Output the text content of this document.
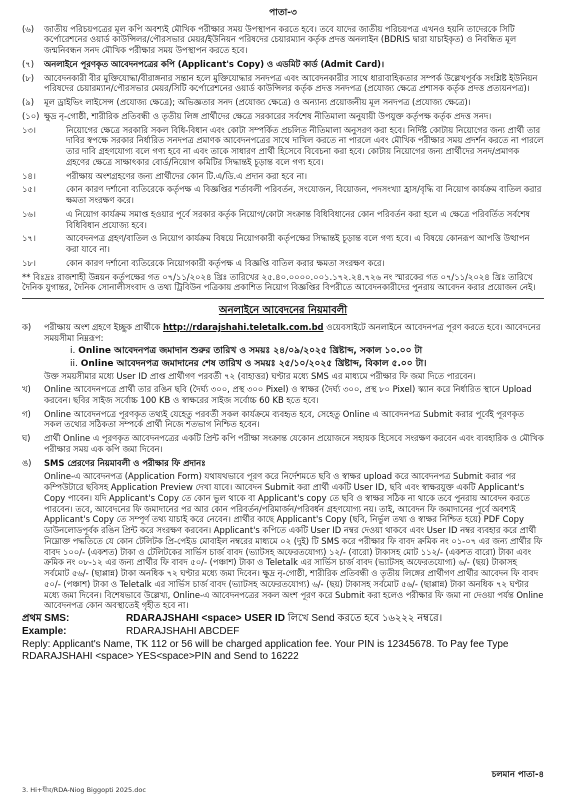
পাতা-৩
(৬)	জাতীয় পরিচয়পত্রের মূল কপি অবশ্যই মৌখিক পরীক্ষার সময় উপস্থাপন করতে হবে। তবে যাদের জাতীয় পরিচয়পত্র এখনও হয়নি তাদেরকে সিটি কর্পোরেশনের ওয়ার্ড কাউন্সিলর/পৌরসভার মেয়র/ইউনিয়ন পরিষদের চেয়ারম্যান কর্তৃক প্রদত্ত অনলাইন (BDRIS দ্বারা যাচাইকৃত) ও নিবন্ধিত মূল জন্মনিবন্ধন সনদ মৌখিক পরীক্ষার সময় উপস্থাপন করতে হবে।
(৭)	অনলাইনে পূরণকৃত আবেদনপত্রের কপি (Applicant's Copy) ও এডমিট কার্ড (Admit Card)।
(৮)	আবেদনকারী বীর মুক্তিযোদ্ধা/বীরাঙ্গনার সন্তান হলে মুক্তিযোদ্ধার সনদপত্র এবং আবেদনকারীর সাথে ধারাবাহিকতার সম্পর্ক উল্লেখপূর্বক সংশ্লিষ্ট ইউনিয়ন পরিষদের চেয়ারম্যান/পৌরসভার মেয়র/সিটি কর্পোরেশনের ওয়ার্ড কাউন্সিলর কর্তৃক প্রদত্ত সনদপত্র (প্রযোজ্য ক্ষেত্রে প্রশাসক কর্তৃক প্রদত্ত প্রত্যয়নপত্র)।
(৯)	মূল ড্রাইভিং লাইসেন্স (প্রযোজ্য ক্ষেত্রে); অভিজ্ঞতার সনদ (প্রযোজ্য ক্ষেত্রে) ও অন্যান্য প্রয়োজনীয় মূল সনদপত্র (প্রযোজ্য ক্ষেত্রে)।
(১০) ক্ষুদ্র নৃ-গোষ্ঠী, শারীরিক প্রতিবন্ধী ও তৃতীয় লিঙ্গ প্রার্থীদের ক্ষেত্রে সরকারের সর্বশেষ নীতিমালা অনুযায়ী উপযুক্ত কর্তৃপক্ষ কর্তৃক প্রদত্ত সনদ।
১৩।	নিয়োগের ক্ষেত্রে সরকারি সকল বিধি-বিধান এবং কোটা সম্পর্কিত প্রচলিত নীতিমালা অনুসরণ করা হবে। নির্দিষ্ট কোটায় নিয়োগের জন্য প্রার্থী তার দাবির স্বপক্ষে সরকার নির্ধারিত সনদপত্র প্রমাণক আবেদনপত্রের সাথে দাখিল করতে না পারলে এবং মৌখিক পরীক্ষার সময় প্রদর্শন করতে না পারলে তার দাবি গ্রহণযোগ্য বলে গণ্য হবে না এবং তাকে সাধারণ প্রার্থী হিসেবে বিবেচনা করা হবে। কোটায় নিয়োগের জন্য প্রার্থীদের সনদ/প্রমাণক গ্রহণের ক্ষেত্রে সাক্ষাৎকার বোর্ড/নিয়োগ কমিটির সিদ্ধান্তই চূড়ান্ত বলে গণ্য হবে।
১৪।	পরীক্ষায় অংশগ্রহণের জন্য প্রার্থীদের কোন টি.এ/ডি.এ প্রদান করা হবে না।
১৫।	কোন কারণ দর্শানো ব্যতিরেকে কর্তৃপক্ষ এ বিজ্ঞপ্তির শর্তাবলী পরিবর্তন, সংযোজন, বিয়োজন, পদসংখ্যা হ্রাস/বৃদ্ধি বা নিয়োগ কার্যক্রম বাতিল করার ক্ষমতা সংরক্ষণ করে।
১৬।	এ নিয়োগ কার্যক্রম সমাপ্ত হওয়ার পূর্বে সরকার কর্তৃক নিয়োগ/কোটা সংক্রান্ত বিধিবিধানের কোন পরিবর্তন করা হলে এ ক্ষেত্রে পরিবর্তিত সর্বশেষ বিধিবিধান প্রযোজ্য হবে।
১৭।	আবেদনপত্র গ্রহণ/বাতিল ও নিয়োগ কার্যক্রম বিষয়ে নিয়োগকারী কর্তৃপক্ষের সিদ্ধান্তই চূড়ান্ত বলে গণ্য হবে। এ বিষয়ে কোনরূপ আপত্তি উত্থাপন করা যাবে না।
১৮।	কোন কারণ দর্শানো ব্যতিরেকে নিয়োগকারী কর্তৃপক্ষ এ বিজ্ঞপ্তি বাতিল করার ক্ষমতা সংরক্ষণ করে।
** বিঃদ্রঃ রাজশাহী উন্নয়ন কর্তৃপক্ষের গত ০৭/১১/২০২৪ খ্রিঃ তারিখের ২৫.৪০.০০০০.০০১.১৭২.২৪.৭২৬ নং স্মারকের গত ০৭/১১/২০২৪ খ্রিঃ তারিখে দৈনিক যুগান্তর, দৈনিক সোনালীসংবাদ ও তথ্য ট্রিবিউন পত্রিকায় প্রকাশিত নিয়োগ বিজ্ঞপ্তির বিপরীতে আবেদনকারীদের পুনরায় আবেদন করার প্রয়োজন নেই।
অনলাইনে আবেদনের নিয়মাবলী
ক)	পরীক্ষায় অংশ গ্রহণে ইচ্ছুক প্রার্থীকে http://rdarajshahi.teletalk.com.bd ওয়েবসাইটে অনলাইনে আবেদনপত্র পূরণ করতে হবে। আবেদনের সময়সীমা নিম্নরূপ:
i. Online আবেদনপত্র জমাদান শুরুর তারিখ ও সময়ঃ ২৪/০৯/২০২৫ খ্রিষ্টাব্দ, সকাল ১০.০০ টা
ii. Online আবেদনপত্র জমাদানের শেষ তারিখ ও সময়ঃ ২৫/১০/২০২৫ খ্রিষ্টাব্দ, বিকাল ৫.০০ টা।
উক্ত সময়সীমার মধ্যে User ID প্রাপ্ত প্রার্থীগণ পরবর্তী ৭২ (বাহাত্তর) ঘণ্টার মধ্যে SMS এর মাধ্যমে পরীক্ষার ফি জমা দিতে পারবেন।
খ)	Online আবেদনপত্রে প্রার্থী তার রঙিন ছবি (দৈর্ঘ্য ৩০০, প্রস্থ ৩০০ Pixel) ও স্বাক্ষর (দৈর্ঘ্য ৩০০, প্রস্থ ৮০ Pixel) স্ক্যান করে নির্ধারিত স্থানে Upload করবেন। ছবির সাইজ সর্বোচ্চ 100 KB ও স্বাক্ষরের সাইজ সর্বোচ্চ 60 KB হতে হবে।
গ)	Online আবেদনপত্রে পূরণকৃত তথ্যই যেহেতু পরবর্তী সকল কার্যক্রমে ব্যবহৃত হবে, সেহেতু Online এ আবেদনপত্র Submit করার পূর্বেই পূরণকৃত সকল তথ্যের সঠিকতা সম্পর্কে প্রার্থী নিজে শতভাগ নিশ্চিত হবেন।
ঘ)	প্রার্থী Online এ পূরণকৃত আবেদনপত্রের একটি প্রিন্ট কপি পরীক্ষা সংক্রান্ত যেকোন প্রয়োজনে সহায়ক হিসেবে সংরক্ষণ করবেন এবং ব্যবহারিক ও মৌখিক পরীক্ষার সময় এক কপি জমা দিবেন।
ঙ)	SMS প্রেরণের নিয়মাবলী ও পরীক্ষার ফি প্রদানঃ
Online-এ আবেদনপত্র (Application Form) যথাযথভাবে পূরণ করে নির্দেশমতে ছবি ও স্বাক্ষর upload করে আবেদনপত্র Submit করার পর কম্পিউটারে ছবিসহ Application Preview দেখা যাবে। আবেদন Submit করা প্রার্থী একটি User ID, ছবি এবং স্বাক্ষরযুক্ত একটি Applicant's Copy পাবেন। যদি Applicant's Copy তে কোন ভুল থাকে বা Applicant's copy তে ছবি ও স্বাক্ষর সঠিক না থাকে তবে পুনরায় আবেদন করতে পারবেন। তবে, আবেদনের ফি জমাদানের পর আর কোন পরিবর্তন/পরিমার্জন/পরিবর্ধন গ্রহণযোগ্য নয়। তাই, আবেদন ফি জমাদানের পূর্বে অবশ্যই Applicant's Copy তে সম্পূর্ণ তথ্য যাচাই করে নেবেন। প্রার্থীর কাছে Applicant's Copy (ছবি, নির্ভুল তথ্য ও স্বাক্ষর নিশ্চিত হয়ে) PDF Copy ডাউনলোডপূর্বক রঙিন প্রিন্ট করে সংরক্ষণ করবেন। Applicant's কপিতে একটি User ID নম্বর দেওয়া থাকবে এবং User ID নম্বর ব্যবহার করে প্রার্থী নিম্নোক্ত পদ্ধতিতে যে কোন টেলিটক প্রি-পেইড মোবাইল নম্বরের মাধ্যমে ০২ (দুই) টি SMS করে পরীক্ষার ফি বাবদ ক্রমিক নং ০১-০৭ এর জন্য প্রার্থীর ফি বাবদ ১০০/- (একশত) টাকা ও টেলিটকের সার্ভিস চার্জ বাবদ (ভ্যাটসহ অফেরতযোগ্য) ১২/- (বারো) টাকাসহ মোট ১১২/- (একশত বারো) টাকা এবং ক্রমিক নং ০৮-১২ এর জন্য প্রার্থীর ফি বাবদ ৫০/- (পঞ্চাশ) টাকা ও Teletalk এর সার্ভিস চার্জ বাবদ (ভ্যাটসহ অফেরতযোগ্য) ৬/- (ছয়) টাকাসহ সর্বমোট ৫৬/- (ছাপ্পান্ন) টাকা অনধিক ৭২ ঘণ্টার মধ্যে জমা দিবেন। ক্ষুদ্র নৃ-গোষ্ঠী, শারীরিক প্রতিবন্ধী ও তৃতীয় লিঙ্গের প্রার্থীগণ প্রার্থীর আবেদন ফি বাবদ ৫০/- (পঞ্চাশ) টাকা ও Teletalk এর সার্ভিস চার্জ বাবদ (ভ্যাটসহ অফেরতযোগ্য) ৬/- (ছয়) টাকাসহ সর্বমোট ৫৬/- (ছাপ্পান্ন) টাকা অনধিক ৭২ ঘণ্টার মধ্যে জমা দিবেন। বিশেষভাবে উল্লেখ্য, Online-এ আবেদনপত্রের সকল অংশ পূরণ করে Submit করা হলেও পরীক্ষার ফি জমা না দেওয়া পর্যন্ত Online আবেদনপত্র কোন অবস্থাতেই গৃহীত হবে না।
প্রথম SMS:	RDARAJSHAHI <space> USER ID লিখে Send করতে হবে ১৬২২২ নম্বরে।
Example:	RDARAJSHAHI ABCDEF
Reply: Applicant's Name, TK 112 or 56 will be charged application fee. Your PIN is 12345678. To Pay fee Type RDARAJSHAHI <space> YES<space>PIN and Send to 16222
চলমান পাতা-৪
3. Hi+ধীর/RDA-Niog Biggopti 2025.doc
